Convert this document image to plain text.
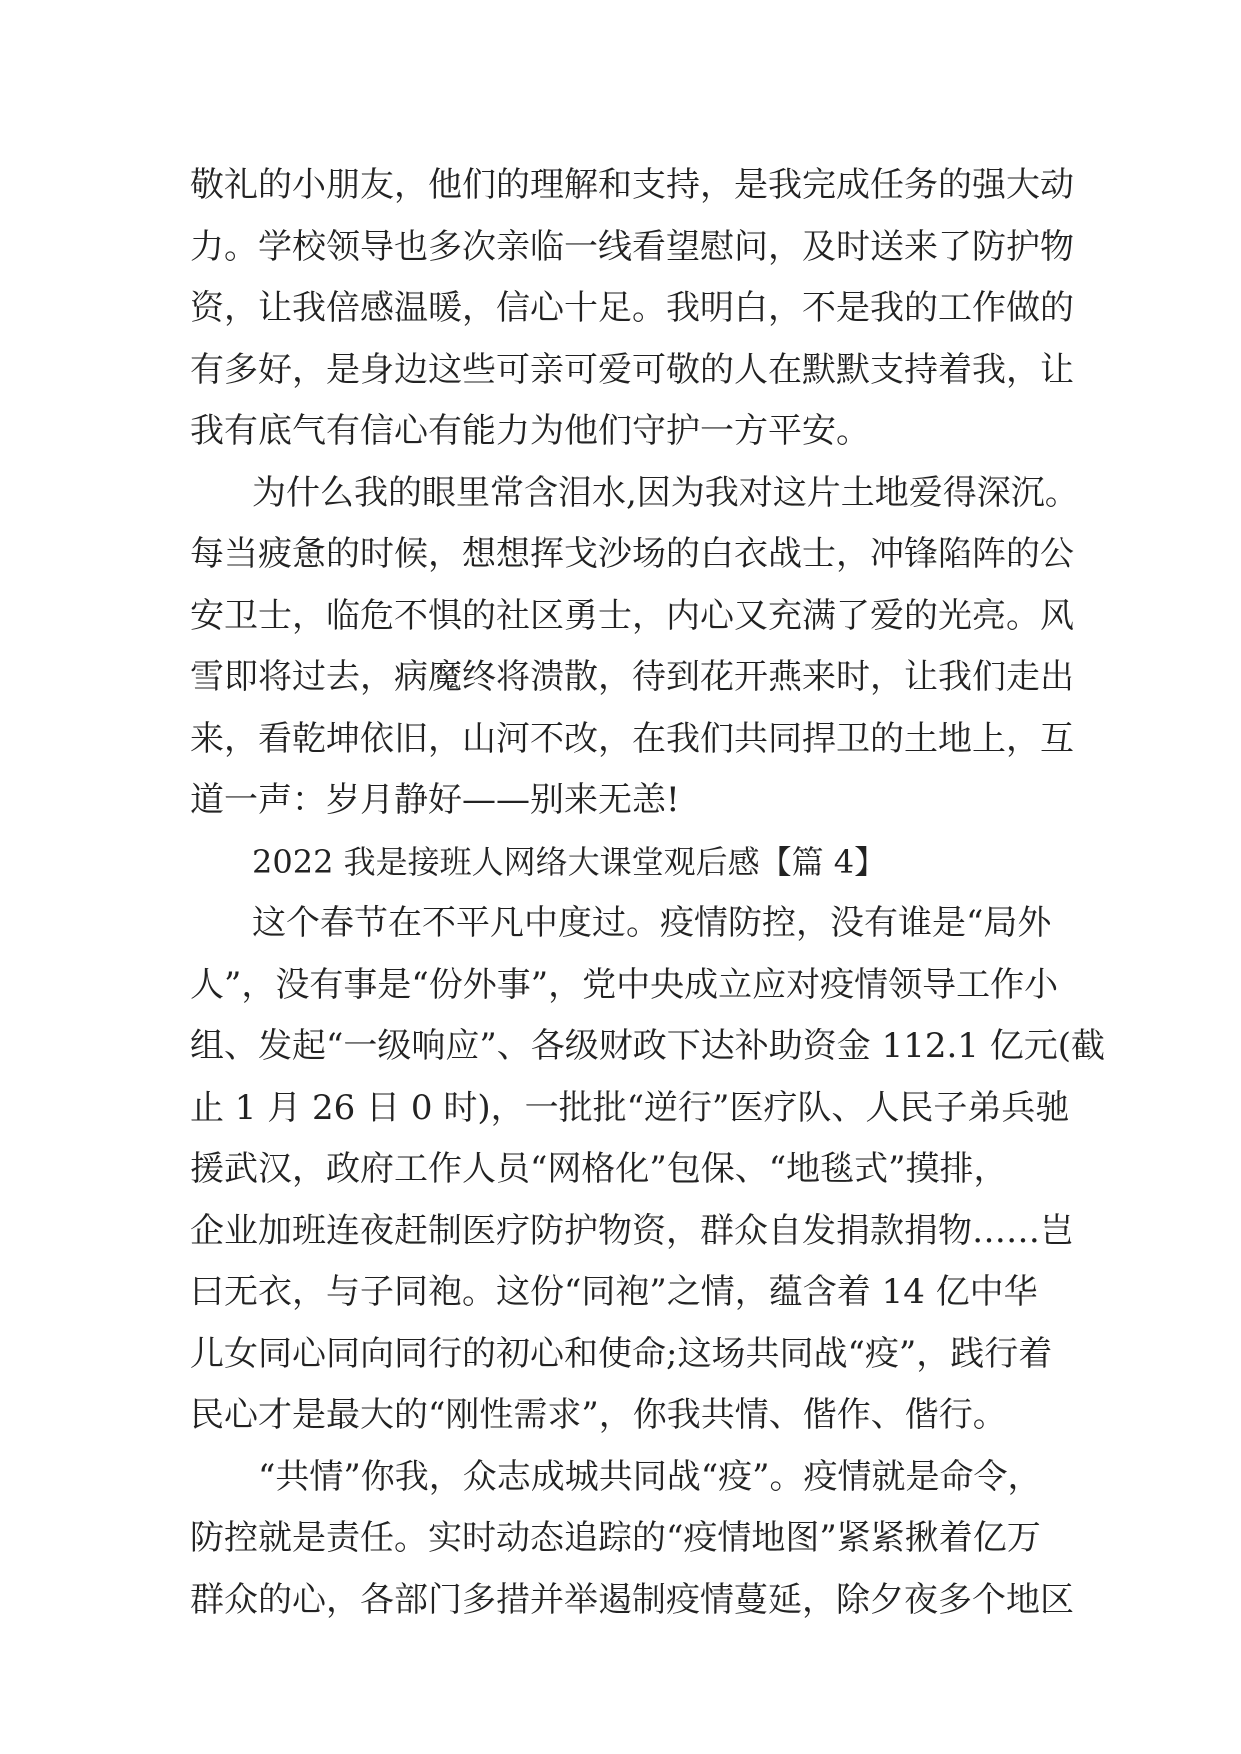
敬礼的小朋友，他们的理解和支持，是我完成任务的强大动
力。学校领导也多次亲临一线看望慰问，及时送来了防护物
资，让我倍感温暖，信心十足。我明白，不是我的工作做的
有多好，是身边这些可亲可爱可敬的人在默默支持着我，让
我有底气有信心有能力为他们守护一方平安。

为什么我的眼里常含泪水,因为我对这片土地爱得深沉。
每当疲惫的时候，想想挥戈沙场的白衣战士，冲锋陷阵的公
安卫士，临危不惧的社区勇士，内心又充满了爱的光亮。风
雪即将过去，病魔终将溃散，待到花开燕来时，让我们走出
来，看乾坤依旧，山河不改，在我们共同捍卫的土地上，互
道一声：岁月静好——别来无恙!

2022 我是接班人网络大课堂观后感【篇 4】

这个春节在不平凡中度过。疫情防控，没有谁是“局外
人”，没有事是“份外事”，党中央成立应对疫情领导工作小
组、发起“一级响应”、各级财政下达补助资金 112.1 亿元(截
止 1 月 26 日 0 时)，一批批“逆行”医疗队、人民子弟兵驰
援武汉，政府工作人员“网格化”包保、“地毯式”摸排，
企业加班连夜赶制医疗防护物资，群众自发捐款捐物……岂
曰无衣，与子同袍。这份“同袍”之情，蕴含着 14 亿中华
儿女同心同向同行的初心和使命;这场共同战“疫”，践行着
民心才是最大的“刚性需求”，你我共情、偕作、偕行。

“共情”你我，众志成城共同战“疫”。疫情就是命令，
防控就是责任。实时动态追踪的“疫情地图”紧紧揪着亿万
群众的心，各部门多措并举遏制疫情蔓延，除夕夜多个地区
